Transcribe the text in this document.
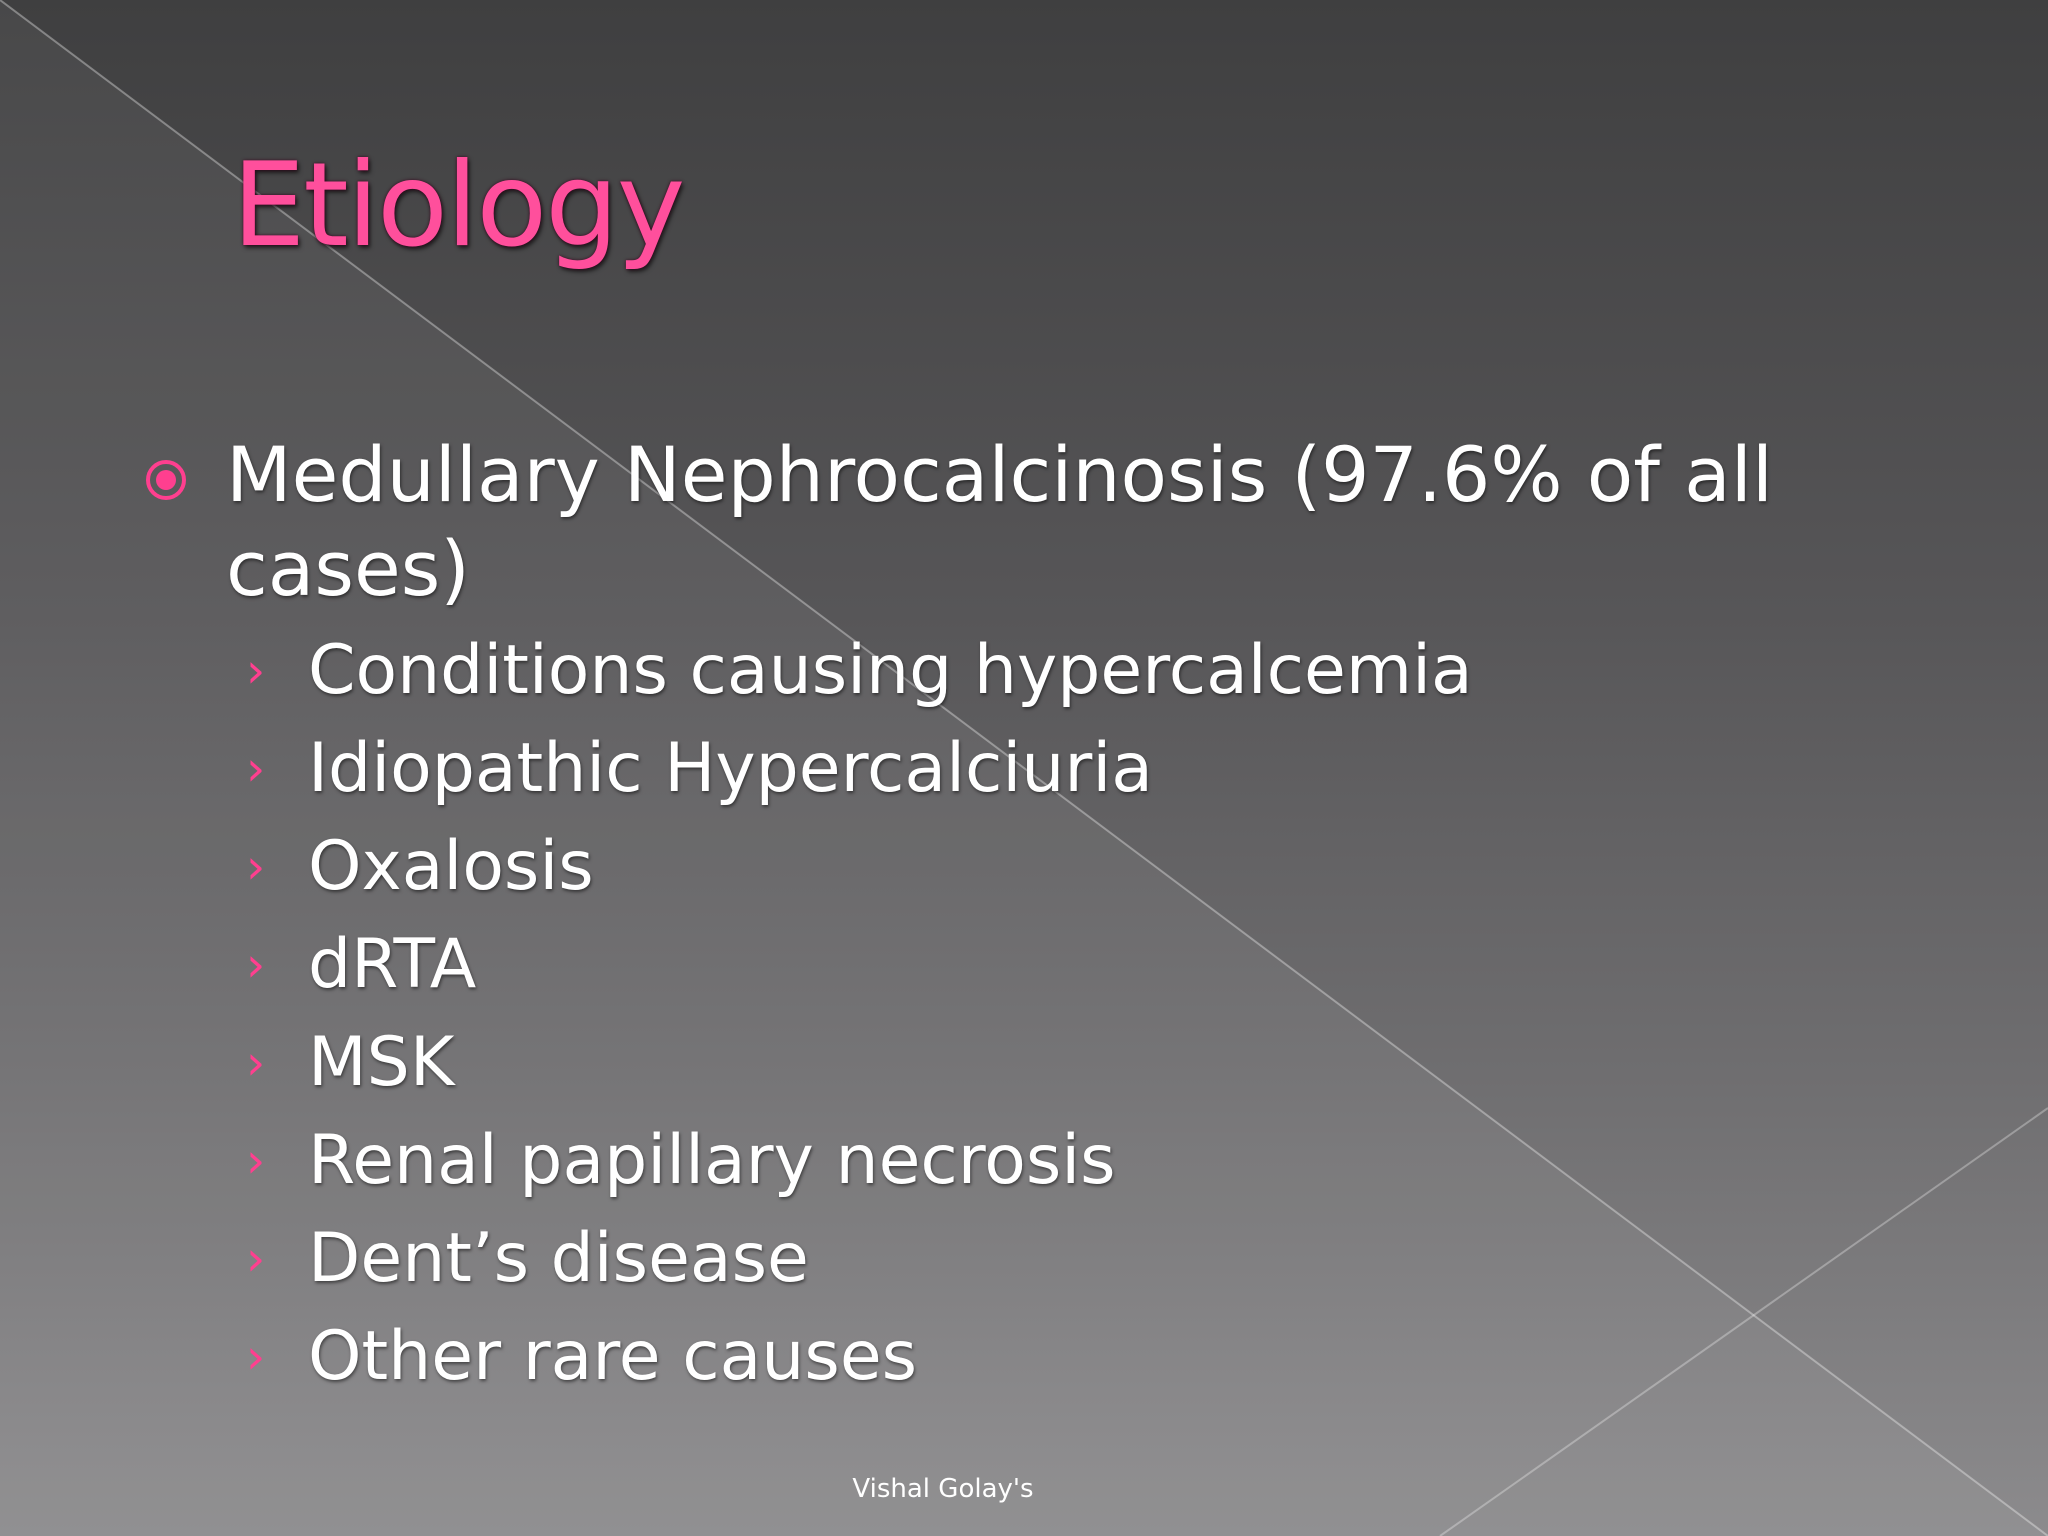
Etiology
Medullary Nephrocalcinosis (97.6% of all cases)
› Conditions causing hypercalcemia
› Idiopathic Hypercalciuria
› Oxalosis
› dRTA
› MSK
› Renal papillary necrosis
› Dent’s disease
› Other rare causes
Vishal Golay's
